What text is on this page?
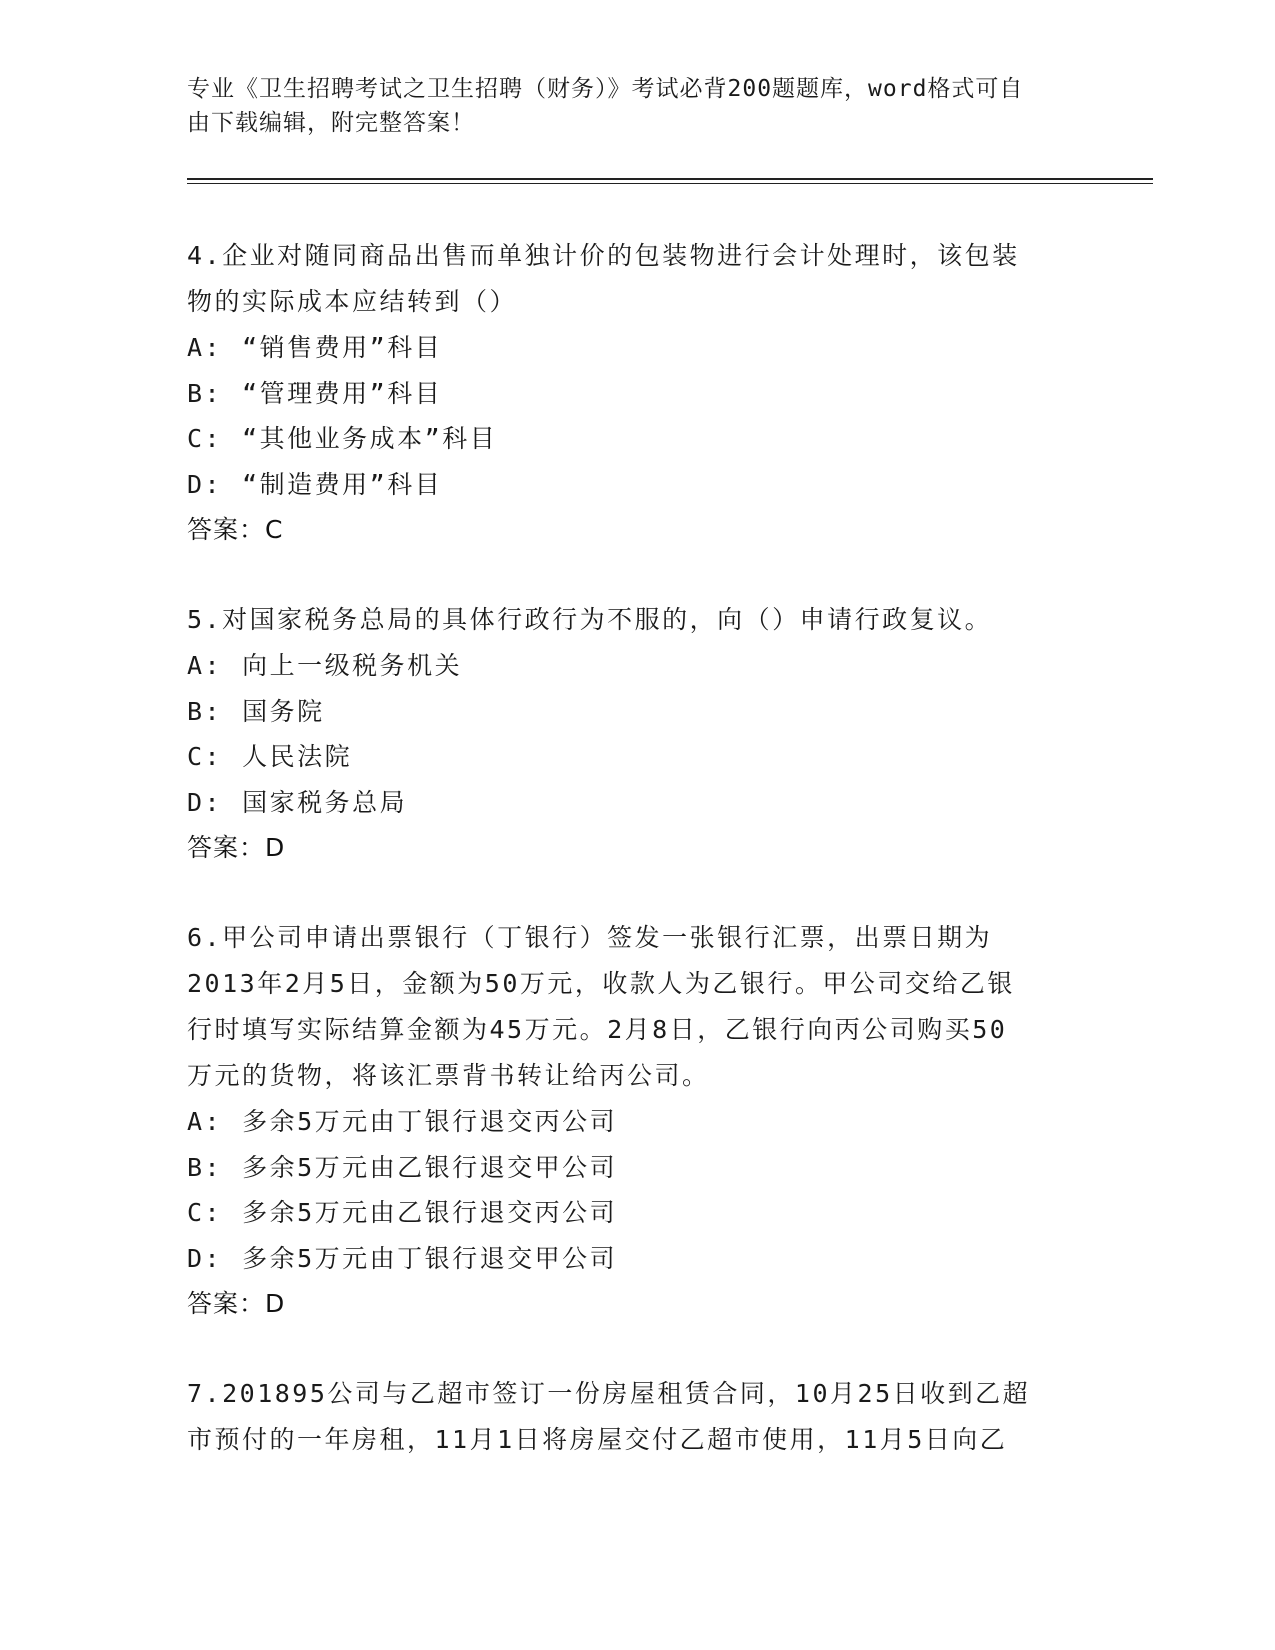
专业《卫生招聘考试之卫生招聘（财务）》考试必背200题题库，word格式可自
由下载编辑，附完整答案！
4.企业对随同商品出售而单独计价的包装物进行会计处理时，该包装
物的实际成本应结转到（）
A: “销售费用”科目
B: “管理费用”科目
C: “其他业务成本”科目
D: “制造费用”科目
答案：C
5.对国家税务总局的具体行政行为不服的，向（）申请行政复议。
A: 向上一级税务机关
B: 国务院
C: 人民法院
D: 国家税务总局
答案：D
6.甲公司申请出票银行（丁银行）签发一张银行汇票，出票日期为
2013年2月5日，金额为50万元，收款人为乙银行。甲公司交给乙银
行时填写实际结算金额为45万元。2月8日，乙银行向丙公司购买50
万元的货物，将该汇票背书转让给丙公司。
A: 多余5万元由丁银行退交丙公司
B: 多余5万元由乙银行退交甲公司
C: 多余5万元由乙银行退交丙公司
D: 多余5万元由丁银行退交甲公司
答案：D
7.201895公司与乙超市签订一份房屋租赁合同，10月25日收到乙超
市预付的一年房租，11月1日将房屋交付乙超市使用，11月5日向乙
